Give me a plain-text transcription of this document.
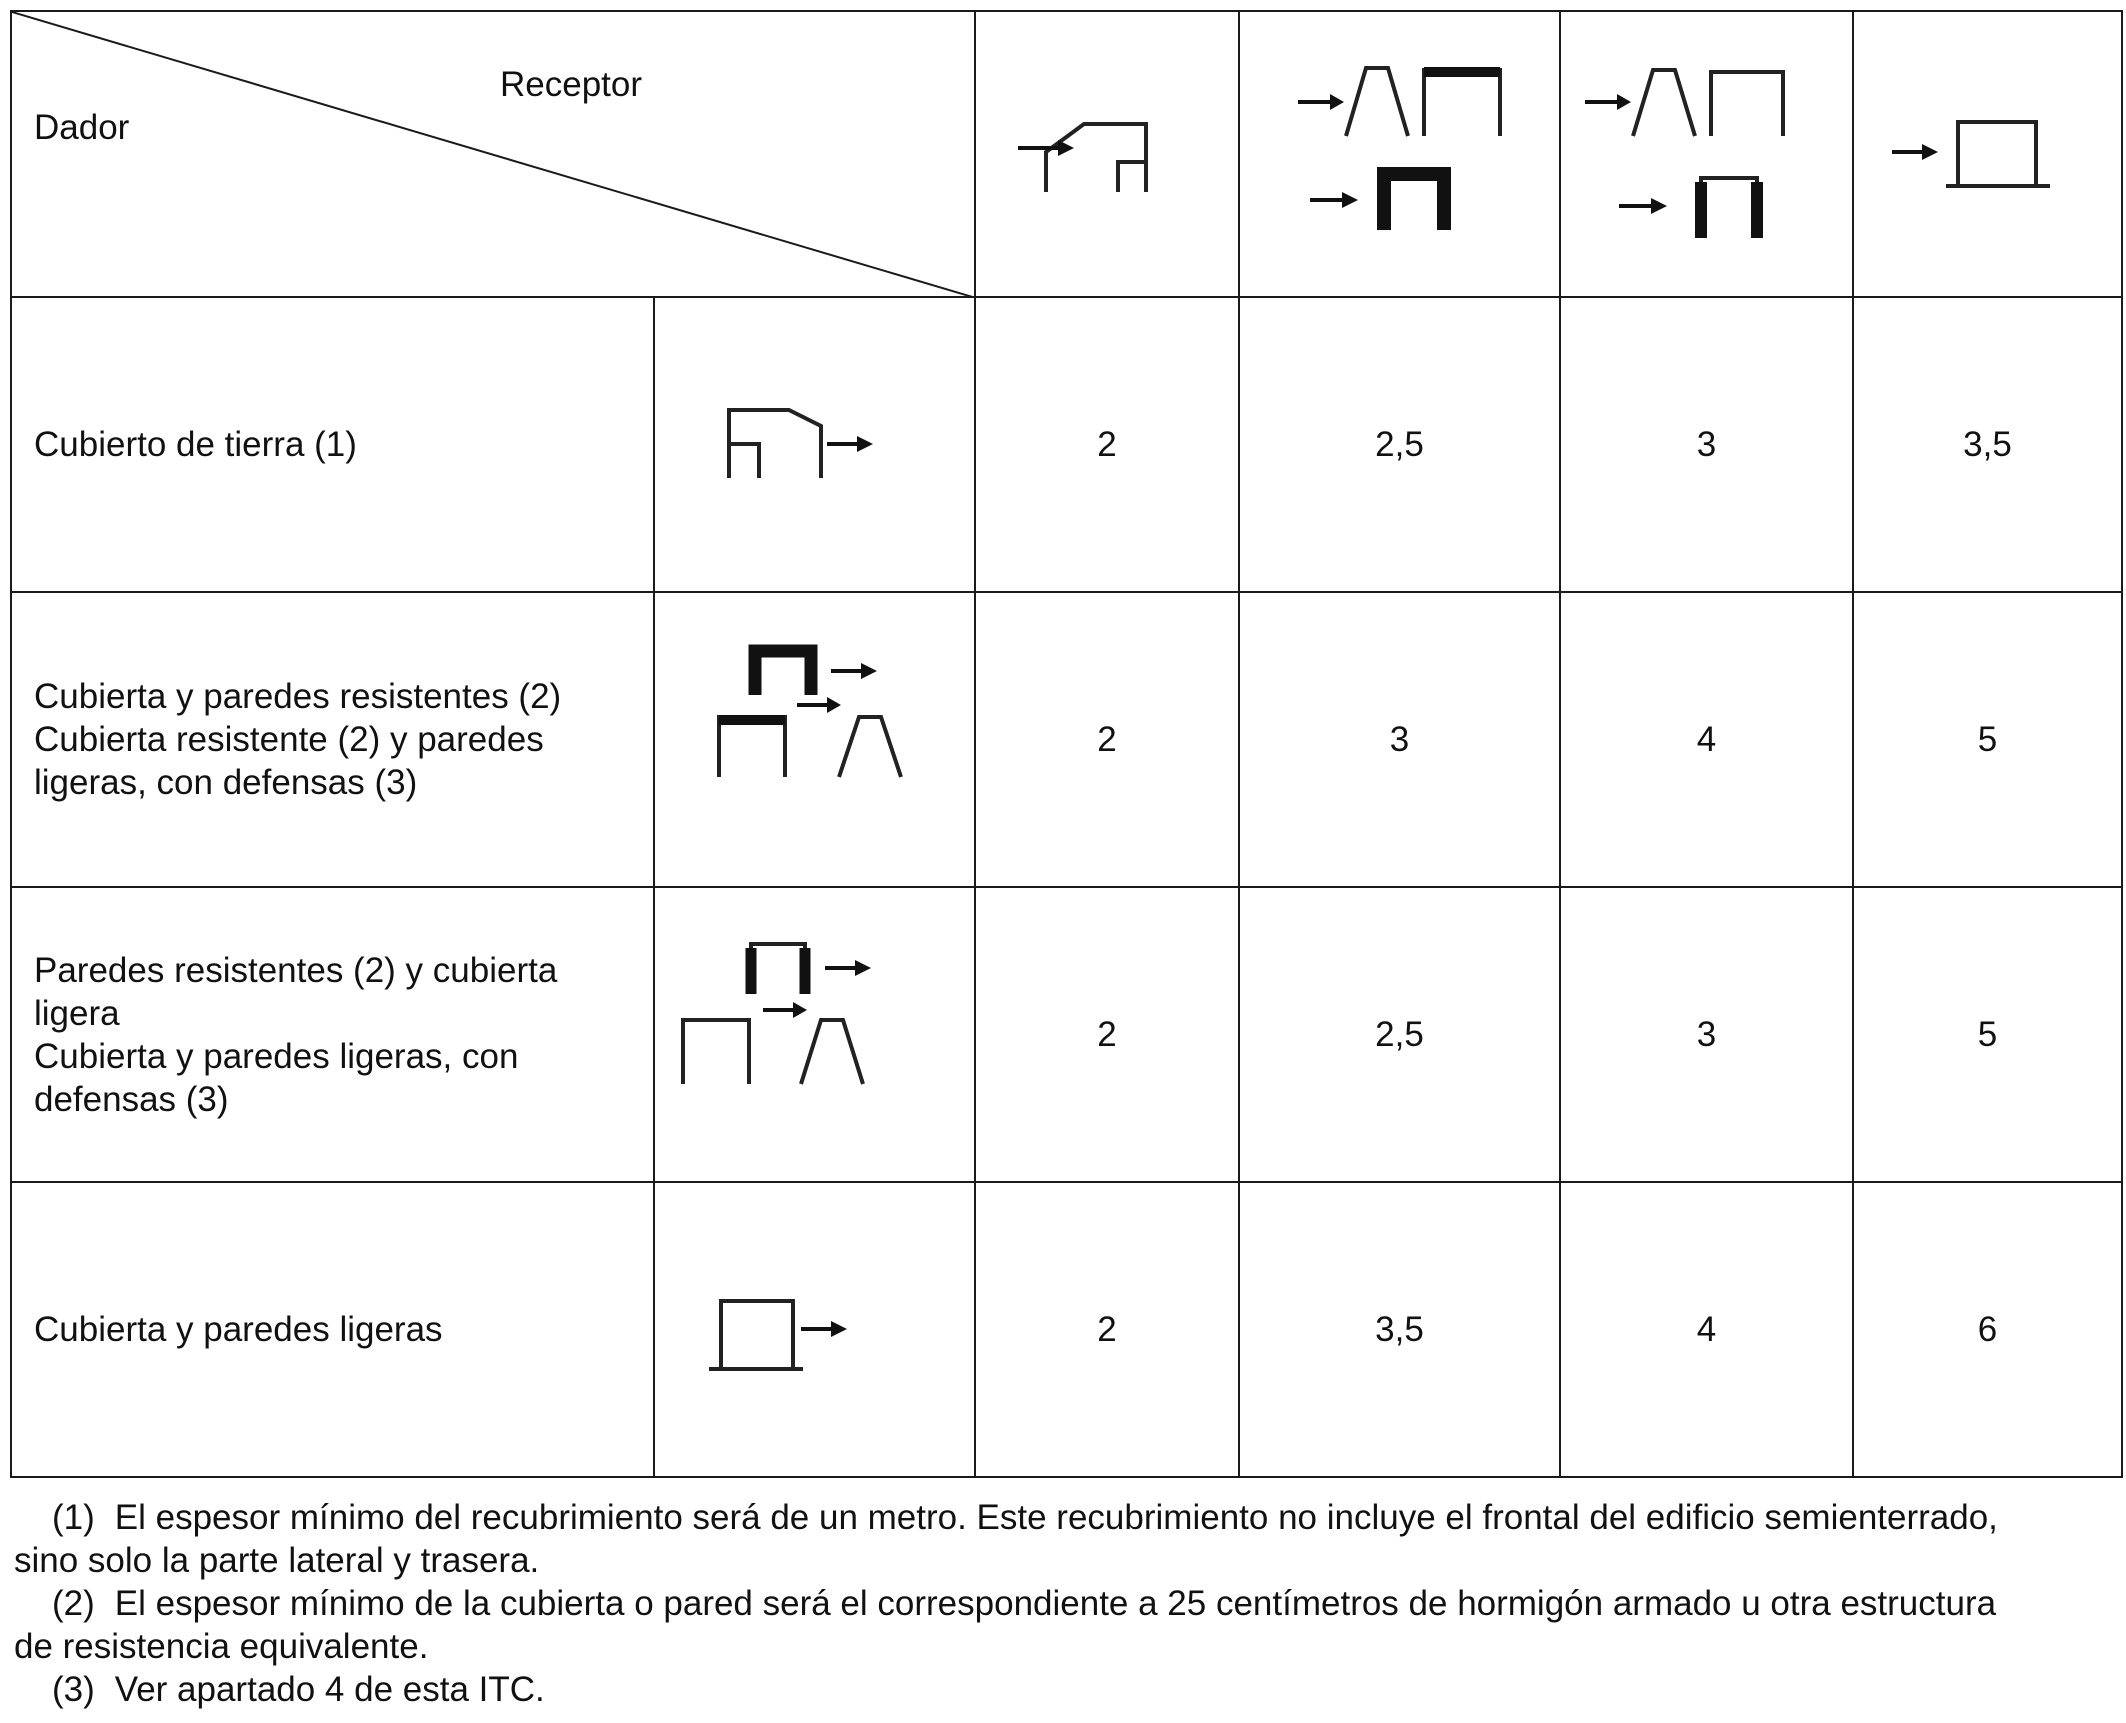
Dador
Receptor

Cubierto de tierra (1)		2	2,5	3	3,5

Cubierta y paredes resistentes (2)
Cubierta resistente (2) y paredes
ligeras, con defensas (3)		2	3	4	5

Paredes resistentes (2) y cubierta
ligera
Cubierta y paredes ligeras, con
defensas (3)		2	2,5	3	5

Cubierta y paredes ligeras		2	3,5	4	6
(1) El espesor mínimo del recubrimiento será de un metro. Este recubrimiento no incluye el frontal del edificio semienterrado,
sino solo la parte lateral y trasera.
(2) El espesor mínimo de la cubierta o pared será el correspondiente a 25 centímetros de hormigón armado u otra estructura
de resistencia equivalente.
(3) Ver apartado 4 de esta ITC.
